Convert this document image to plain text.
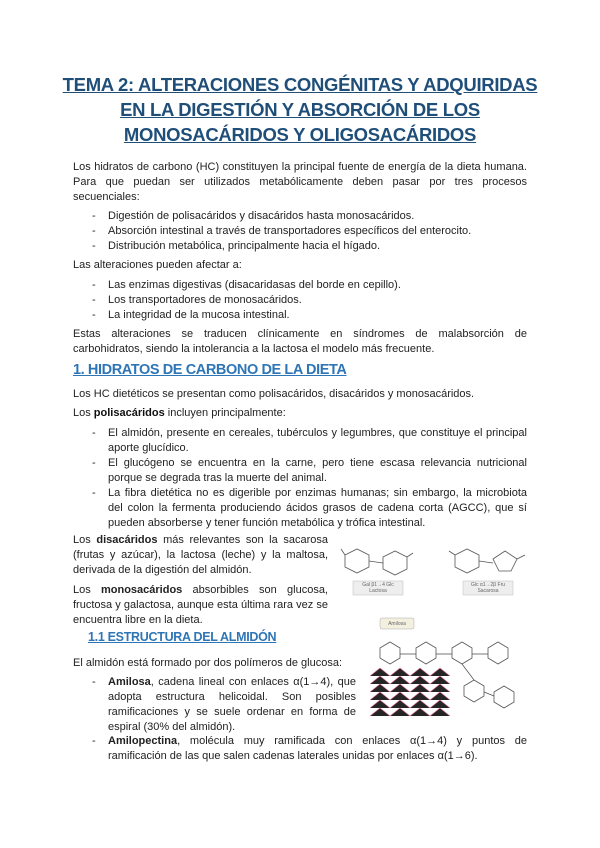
TEMA 2: ALTERACIONES CONGÉNITAS Y ADQUIRIDAS EN LA DIGESTIÓN Y ABSORCIÓN DE LOS MONOSACÁRIDOS Y OLIGOSACÁRIDOS
Los hidratos de carbono (HC) constituyen la principal fuente de energía de la dieta humana. Para que puedan ser utilizados metabólicamente deben pasar por tres procesos secuenciales:
- Digestión de polisacáridos y disacáridos hasta monosacáridos.
- Absorción intestinal a través de transportadores específicos del enterocito.
- Distribución metabólica, principalmente hacia el hígado.
Las alteraciones pueden afectar a:
- Las enzimas digestivas (disacaridasas del borde en cepillo).
- Los transportadores de monosacáridos.
- La integridad de la mucosa intestinal.
Estas alteraciones se traducen clínicamente en síndromes de malabsorción de carbohidratos, siendo la intolerancia a la lactosa el modelo más frecuente.
1. HIDRATOS DE CARBONO DE LA DIETA
Los HC dietéticos se presentan como polisacáridos, disacáridos y monosacáridos.
Los polisacáridos incluyen principalmente:
- El almidón, presente en cereales, tubérculos y legumbres, que constituye el principal aporte glucídico.
- El glucógeno se encuentra en la carne, pero tiene escasa relevancia nutricional porque se degrada tras la muerte del animal.
- La fibra dietética no es digerible por enzimas humanas; sin embargo, la microbiota del colon la fermenta produciendo ácidos grasos de cadena corta (AGCC), que sí pueden absorberse y tener función metabólica y trófica intestinal.
Los disacáridos más relevantes son la sacarosa (frutas y azúcar), la lactosa (leche) y la maltosa, derivada de la digestión del almidón.
Los monosacáridos absorbibles son glucosa, fructosa y galactosa, aunque esta última rara vez se encuentra libre en la dieta.
Gal β1→4 Glc Lactosa
Glc α1→2β Fru Sacarosa
1.1 ESTRUCTURA DEL ALMIDÓN
El almidón está formado por dos polímeros de glucosa:
- Amilosa, cadena lineal con enlaces α(1→4), que adopta estructura helicoidal. Son posibles ramificaciones y se suele ordenar en forma de espiral (30% del almidón).
- Amilopectina, molécula muy ramificada con enlaces α(1→4) y puntos de ramificación de las que salen cadenas laterales unidas por enlaces α(1→6).
Amilosa
